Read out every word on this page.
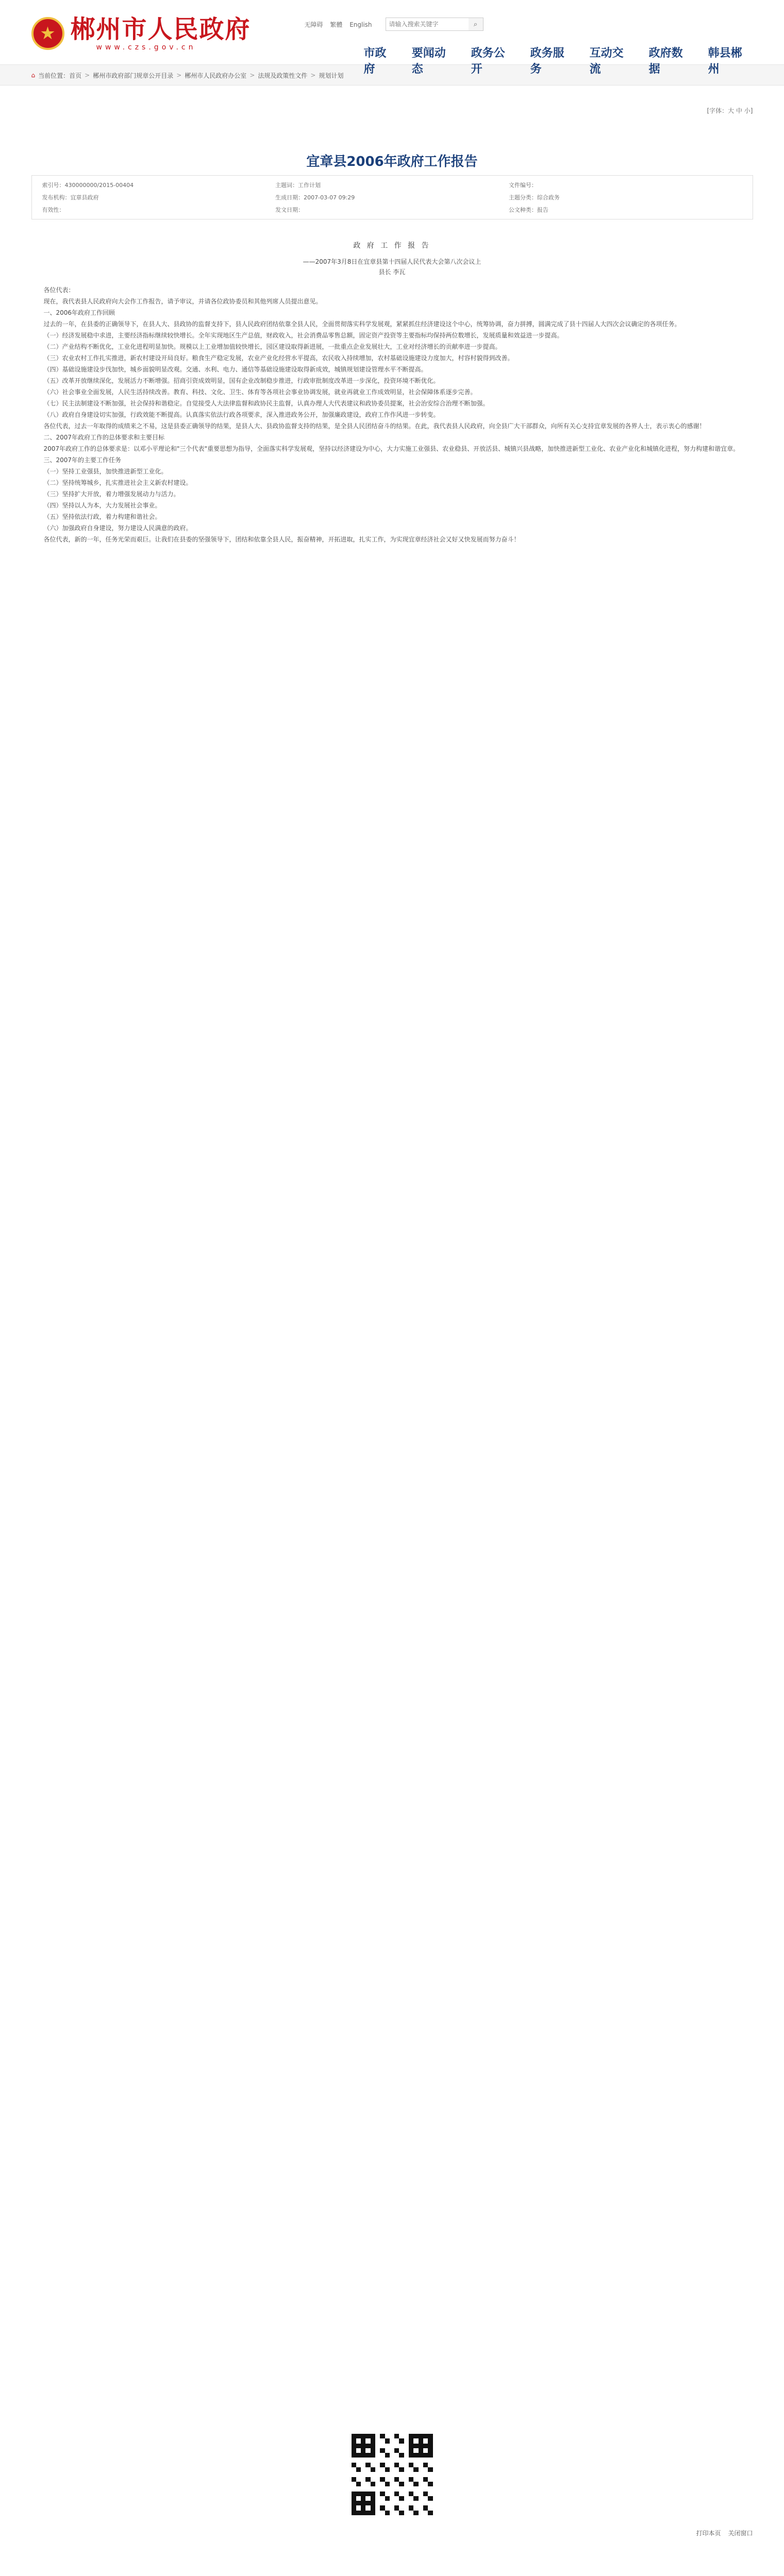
★ 郴州市人民政府
www.czs.gov.cn
无障碍 繁體 English
请输入搜索关键字	⌕
市政府
要闻动态
政务公开
政务服务
互动交流
政府数据
韩县郴州
⌂ 当前位置： 首页 > 郴州市政府部门规章公开目录 > 郴州市人民政府办公室 > 法规及政策性文件 > 规划计划
[字体：大 中 小]
宜章县2006年政府工作报告
索引号：430000000/2015-00404	主题词：工作计划	文件编号：
发布机构：宜章县政府	生成日期：2007-03-07 09:29	主题分类：综合政务
有效性：	发文日期：	公文种类：报告
政 府 工 作 报 告
——2007年3月8日在宜章县第十四届人民代表大会第八次会议上
县长 李瓦

各位代表：

现在，我代表县人民政府向大会作工作报告，请予审议，并请各位政协委员和其他列席人员提出意见。

一、2006年政府工作回顾

过去的一年，在县委的正确领导下，在县人大、县政协的监督支持下，县人民政府团结依靠全县人民，全面贯彻落实科学发展观，紧紧抓住经济建设这个中心，统筹协调，奋力拼搏，圆满完成了县十四届人大四次会议确定的各项任务。

（一）经济发展稳中求进，主要经济指标继续较快增长。全年实现地区生产总值，财政收入，社会消费品零售总额，固定资产投资等主要指标均保持两位数增长，发展质量和效益进一步提高。

（二）产业结构不断优化，工业化进程明显加快。规模以上工业增加值较快增长，园区建设取得新进展，一批重点企业发展壮大，工业对经济增长的贡献率进一步提高。

（三）农业农村工作扎实推进，新农村建设开局良好。粮食生产稳定发展，农业产业化经营水平提高，农民收入持续增加，农村基础设施建设力度加大，村容村貌得到改善。

（四）基础设施建设步伐加快，城乡面貌明显改观。交通、水利、电力、通信等基础设施建设取得新成效，城镇规划建设管理水平不断提高。

（五）改革开放继续深化，发展活力不断增强。招商引资成效明显，国有企业改制稳步推进，行政审批制度改革进一步深化，投资环境不断优化。

（六）社会事业全面发展，人民生活持续改善。教育、科技、文化、卫生、体育等各项社会事业协调发展，就业再就业工作成效明显，社会保障体系逐步完善。

（七）民主法制建设不断加强，社会保持和谐稳定。自觉接受人大法律监督和政协民主监督，认真办理人大代表建议和政协委员提案，社会治安综合治理不断加强。

（八）政府自身建设切实加强，行政效能不断提高。认真落实依法行政各项要求，深入推进政务公开，加强廉政建设，政府工作作风进一步转变。

各位代表，过去一年取得的成绩来之不易，这是县委正确领导的结果，是县人大、县政协监督支持的结果，是全县人民团结奋斗的结果。在此，我代表县人民政府，向全县广大干部群众，向所有关心支持宜章发展的各界人士，表示衷心的感谢！

二、2007年政府工作的总体要求和主要目标

2007年政府工作的总体要求是：以邓小平理论和"三个代表"重要思想为指导，全面落实科学发展观，坚持以经济建设为中心，大力实施工业强县、农业稳县、开放活县、城镇兴县战略，加快推进新型工业化、农业产业化和城镇化进程，努力构建和谐宜章。

三、2007年的主要工作任务

（一）坚持工业强县，加快推进新型工业化。

（二）坚持统筹城乡，扎实推进社会主义新农村建设。

（三）坚持扩大开放，着力增强发展动力与活力。

（四）坚持以人为本，大力发展社会事业。

（五）坚持依法行政，着力构建和谐社会。

（六）加强政府自身建设，努力建设人民满意的政府。

各位代表，新的一年，任务光荣而艰巨。让我们在县委的坚强领导下，团结和依靠全县人民，振奋精神，开拓进取，扎实工作，为实现宜章经济社会又好又快发展而努力奋斗！

打印本页 关闭窗口
